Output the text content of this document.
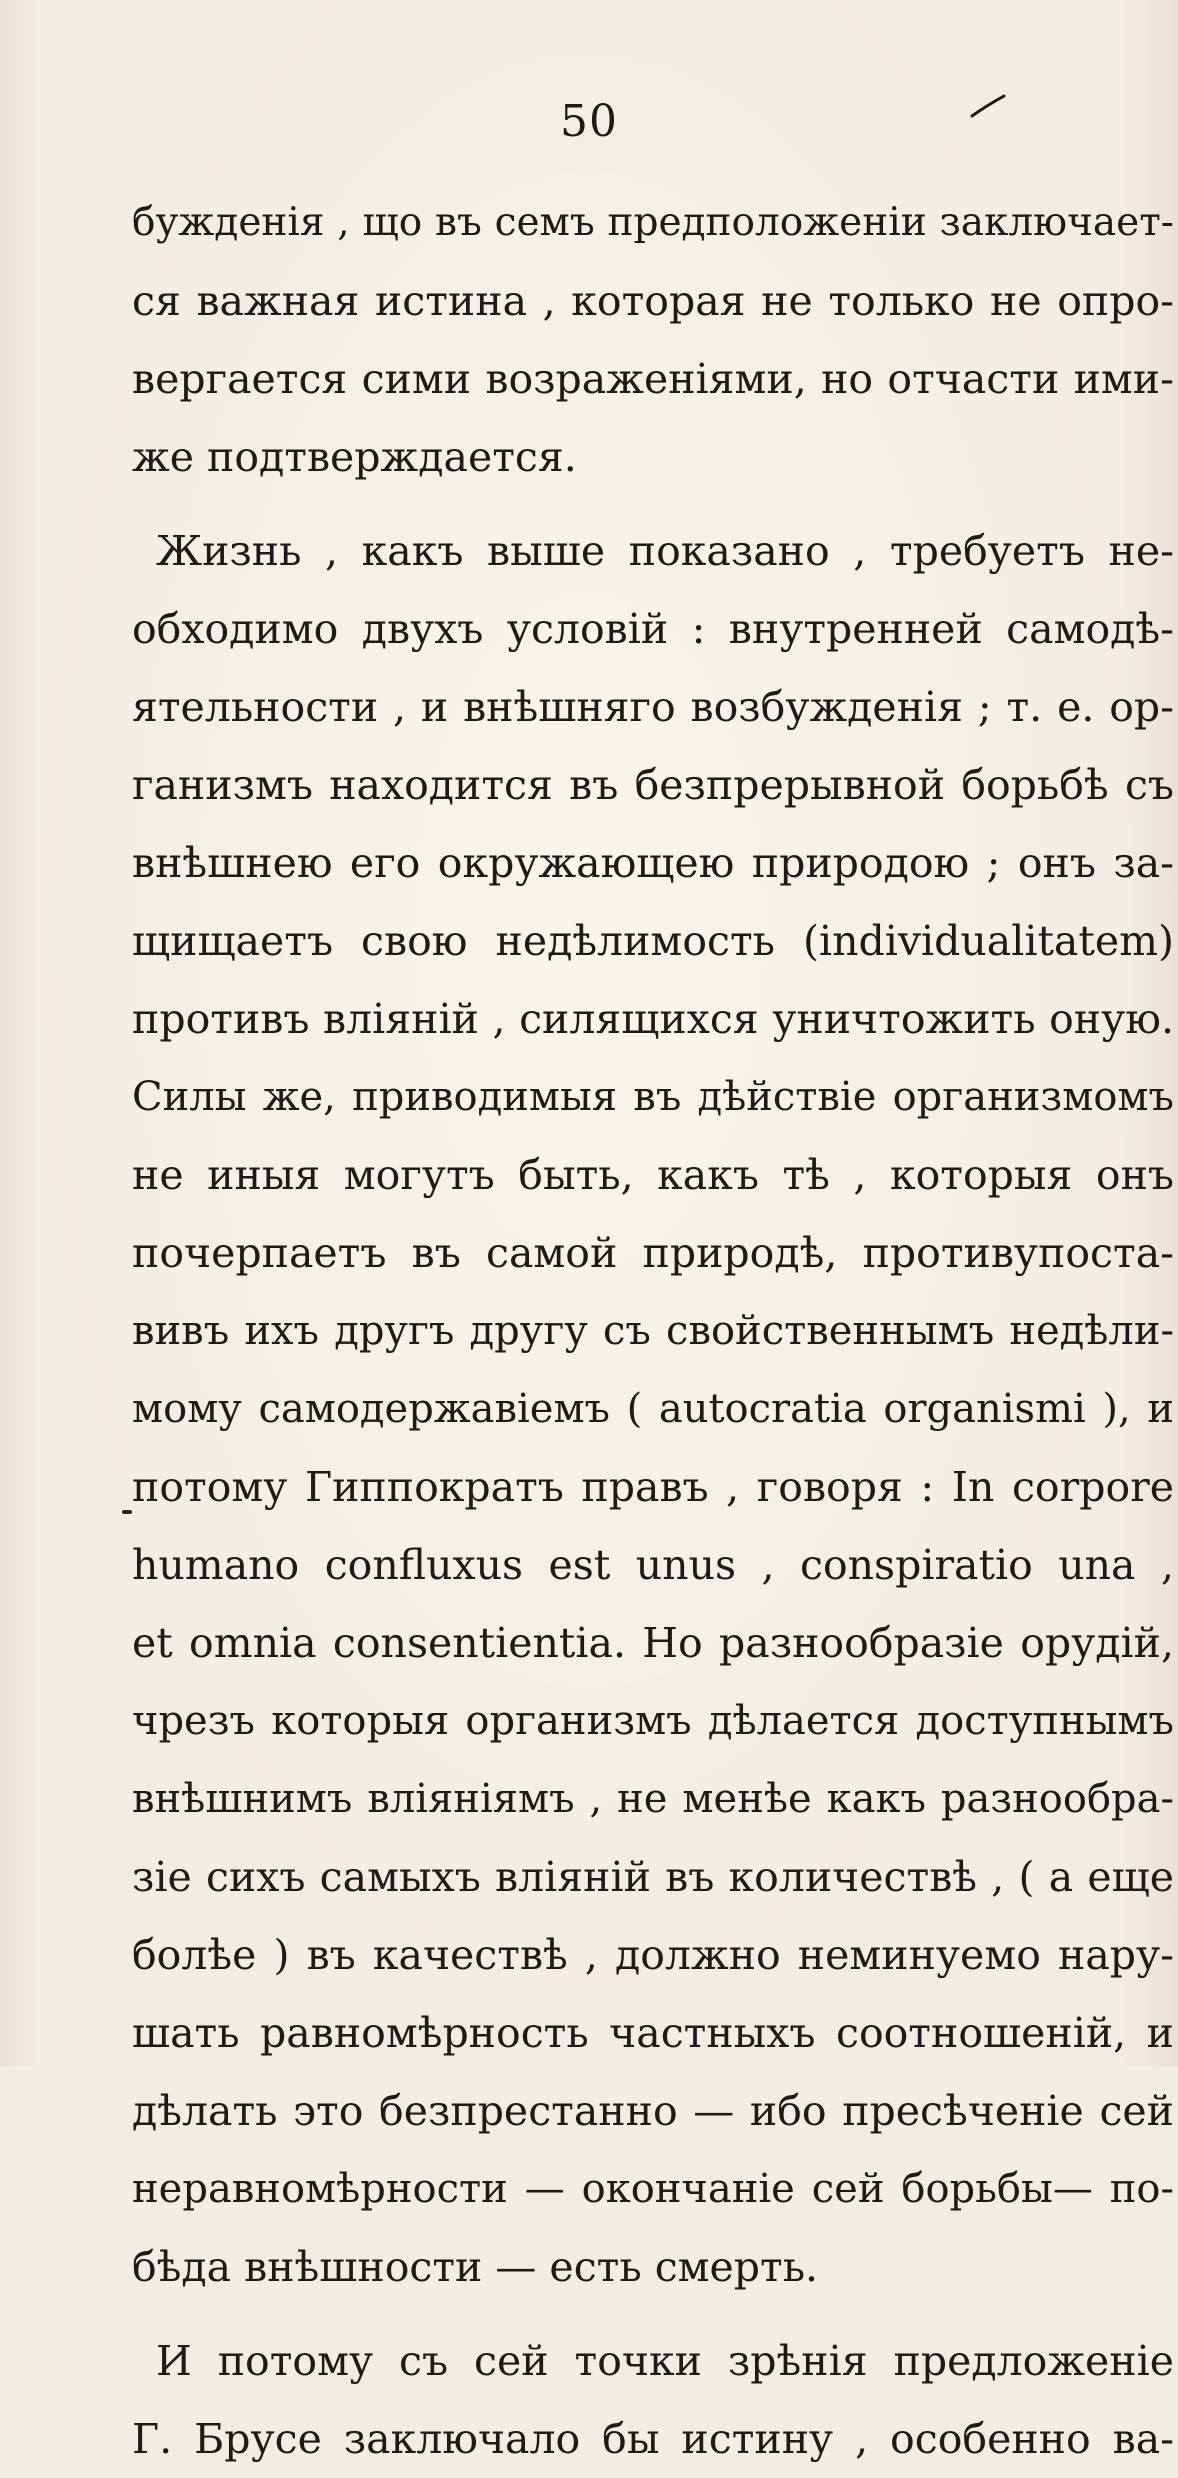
50
бужденія , що въ семъ предположеніи заключает-
ся важная истина , которая не только не опро-
вергается сими возраженіями, но отчасти ими-
же подтверждается.
Жизнь , какъ выше показано , требуетъ не-
обходимо двухъ условій : внутренней самодѣ-
ятельности , и внѣшняго возбужденія ; т. е. ор-
ганизмъ находится въ безпрерывной борьбѣ съ
внѣшнею его окружающею природою ; онъ за-
щищаетъ свою недѣлимость (individualitatem)
противъ вліяній , силящихся уничтожить оную.
Силы же, приводимыя въ дѣйствіе организмомъ
не иныя могутъ быть, какъ тѣ , которыя онъ
почерпаетъ въ самой природѣ, противупоста-
вивъ ихъ другъ другу съ свойственнымъ недѣли-
мому самодержавіемъ ( autocratia organismi ), и
потому Гиппократъ правъ , говоря : In corpore
humano confluxus est unus , conspiratio una ,
et omnia consentientia. Но разнообразіе орудій,
чрезъ которыя организмъ дѣлается доступнымъ
внѣшнимъ вліяніямъ , не менѣе какъ разнообра-
зіе сихъ самыхъ вліяній въ количествѣ , ( а еще
болѣе ) въ качествѣ , должно неминуемо нару-
шать равномѣрность частныхъ соотношеній, и
дѣлать это безпрестанно — ибо пресѣченіе сей
неравномѣрности — окончаніе сей борьбы— по-
бѣда внѣшности — есть смерть.
И потому съ сей точки зрѣнія предложеніе
Г. Брусе заключало бы истину , особенно ва-
